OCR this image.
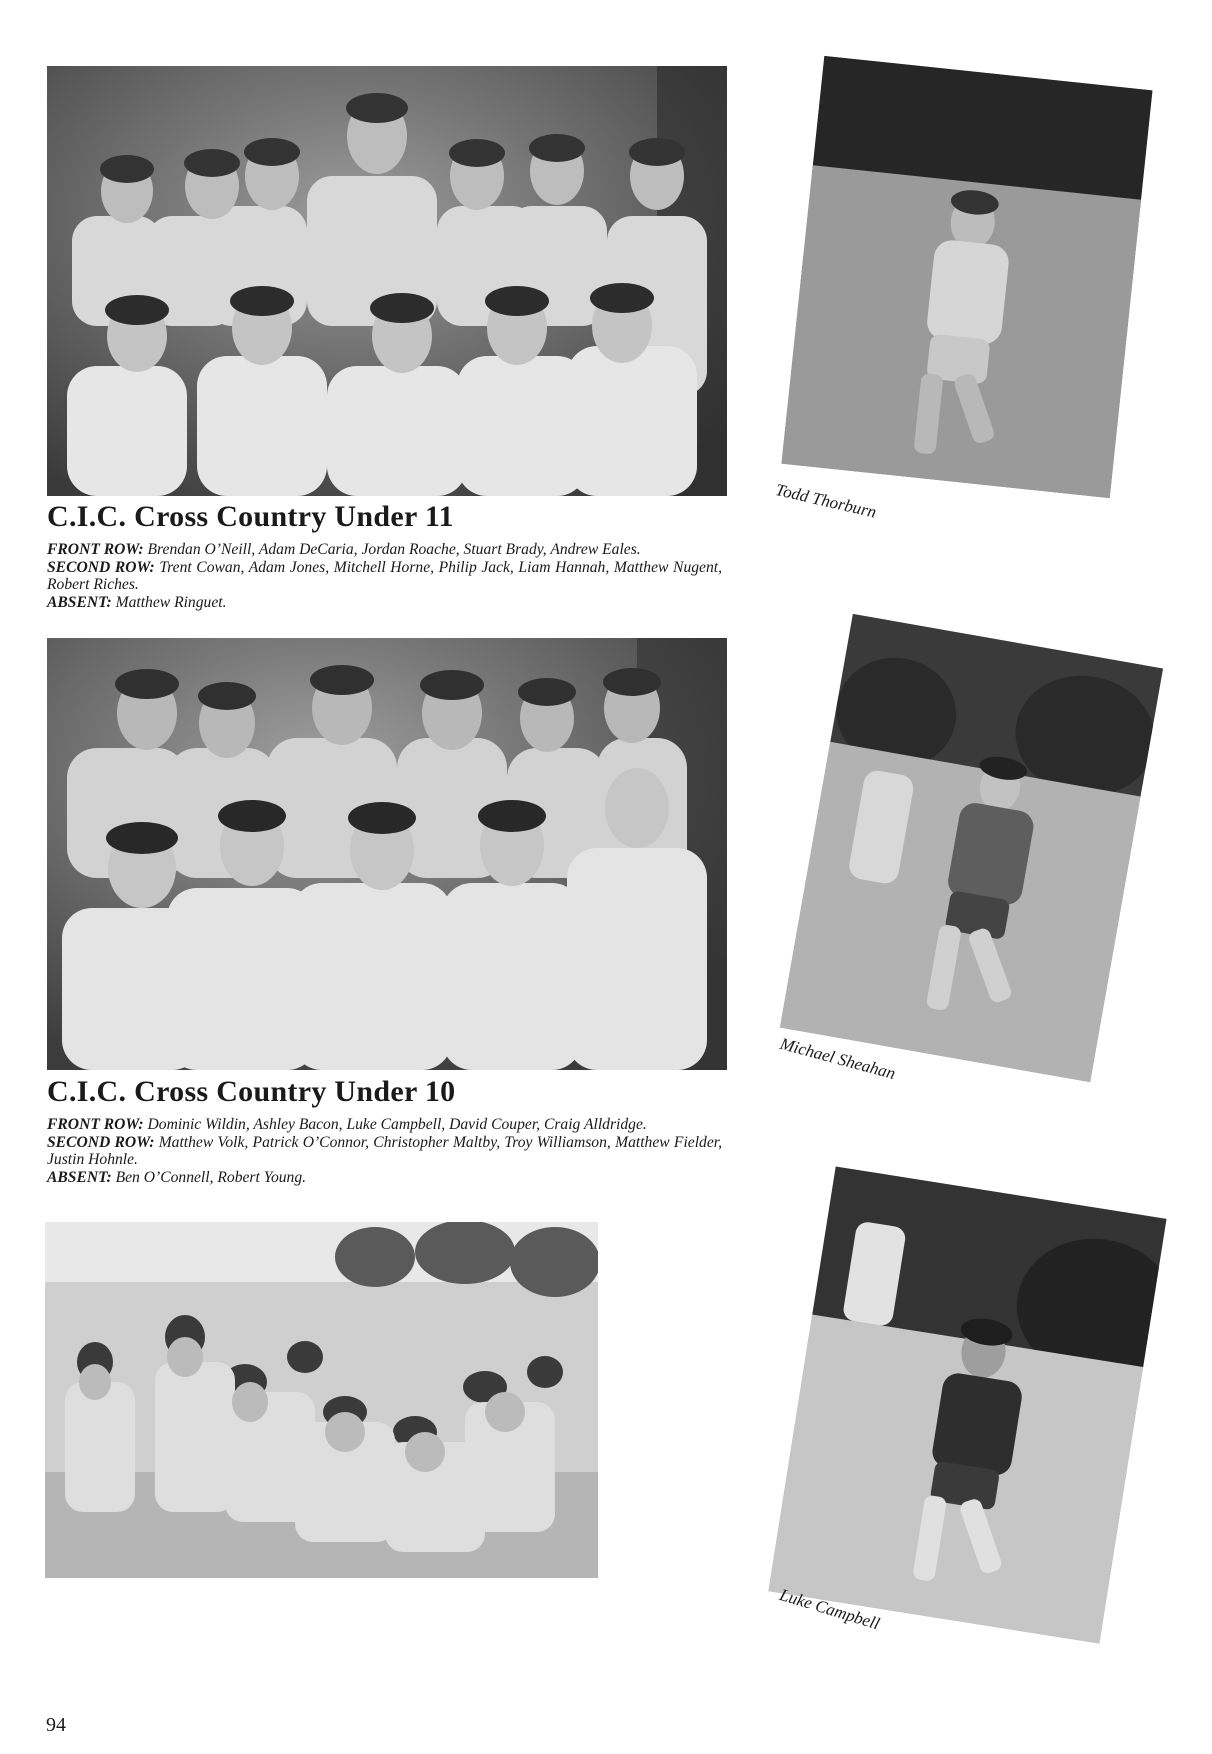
C.I.C. Cross Country Under 11

FRONT ROW: Brendan O’Neill, Adam DeCaria, Jordan Roache, Stuart Brady, Andrew Eales.

SECOND ROW: Trent Cowan, Adam Jones, Mitchell Horne, Philip Jack, Liam Hannah, Matthew Nugent, Robert Riches.

ABSENT: Matthew Ringuet.

C.I.C. Cross Country Under 10

FRONT ROW: Dominic Wildin, Ashley Bacon, Luke Campbell, David Couper, Craig Alldridge.

SECOND ROW: Matthew Volk, Patrick O’Connor, Christopher Maltby, Troy Williamson, Matthew Fielder, Justin Hohnle.

ABSENT: Ben O’Connell, Robert Young.

Todd Thorburn
Michael Sheahan
Luke Campbell
94
